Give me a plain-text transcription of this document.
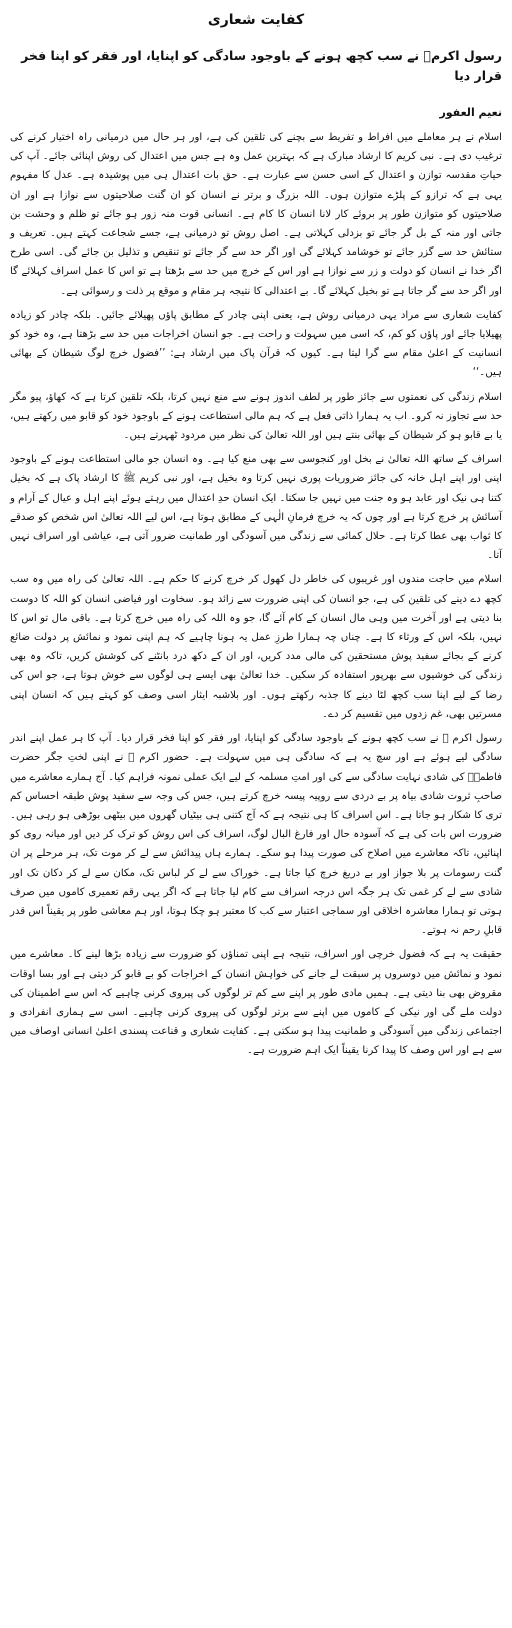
کفایت شعاری
رسول اکرمؐ نے سب کچھ ہونے کے باوجود سادگی کو اپنایا، اور فقر کو اپنا فخر قرار دیا
نعیم العفور

اسلام نے ہر معاملے میں افراط و تفریط سے بچنے کی تلقین کی ہے، اور ہر حال میں درمیانی راہ اختیار کرنے کی ترغیب دی ہے۔ نبی کریم کا ارشاد مبارک ہے کہ بہترین عمل وہ ہے جس میں اعتدال کی روش اپنائی جائے۔ آپ کی حیاتِ مقدسہ توازن و اعتدال کے اسی حسن سے عبارت ہے۔ حق بات اعتدال ہی میں پوشیدہ ہے۔ عدل کا مفہوم یہی ہے کہ ترازو کے پلڑے متوازن ہوں۔ اللہ بزرگ و برتر نے انسان کو ان گنت صلاحیتوں سے نوازا ہے اور ان صلاحیتوں کو متوازن طور پر بروئے کار لانا انسان کا کام ہے۔ انسانی قوت منہ زور ہو جائے تو ظلم و وحشت بن جاتی اور منہ کے بل گر جائے تو بزدلی کہلاتی ہے۔ اصل روش تو درمیانی ہے، جسے شجاعت کہتے ہیں۔ تعریف و ستائش حد سے گزر جائے تو خوشامد کہلائے گی اور اگر حد سے گر جائے تو تنقیص و تذلیل بن جائے گی۔ اسی طرح اگر خدا نے انسان کو دولت و زر سے نوازا ہے اور اس کے خرچ میں حد سے بڑھتا ہے تو اس کا عمل اسراف کہلائے گا اور اگر حد سے گر جاتا ہے تو بخیل کہلائے گا۔ بے اعتدالی کا نتیجہ ہر مقام و موقع پر ذلت و رسوائی ہے۔

کفایت شعاری سے مراد یہی درمیانی روش ہے، یعنی اپنی چادر کے مطابق پاؤں پھیلائے جائیں۔ بلکہ چادر کو زیادہ پھیلایا جائے اور پاؤں کو کم، کہ اسی میں سہولت و راحت ہے۔ جو انسان اخراجات میں حد سے بڑھتا ہے، وہ خود کو انسانیت کے اعلیٰ مقام سے گرا لیتا ہے۔ کیوں کہ قرآن پاک میں ارشاد ہے: ’’فضول خرچ لوگ شیطان کے بھائی ہیں۔‘‘

اسلام زندگی کی نعمتوں سے جائز طور پر لطف اندوز ہونے سے منع نہیں کرتا، بلکہ تلقین کرتا ہے کہ کھاؤ، پیو مگر حد سے تجاوز نہ کرو۔ اب یہ ہمارا ذاتی فعل ہے کہ ہم مالی استطاعت ہونے کے باوجود خود کو قابو میں رکھتے ہیں، یا بے قابو ہو کر شیطان کے بھائی بنتے ہیں اور اللہ تعالیٰ کی نظر میں مردود ٹھہرتے ہیں۔

اسراف کے ساتھ اللہ تعالیٰ نے بخل اور کنجوسی سے بھی منع کیا ہے۔ وہ انسان جو مالی استطاعت ہونے کے باوجود اپنی اور اپنے اہل خانہ کی جائز ضروریات پوری نہیں کرتا وہ بخیل ہے، اور نبی کریم ﷺ کا ارشاد پاک ہے کہ بخیل کتنا ہی نیک اور عابد ہو وہ جنت میں نہیں جا سکتا۔ ایک انسان حدِ اعتدال میں رہتے ہوئے اپنے اہل و عیال کے آرام و آسائش پر خرچ کرتا ہے اور چوں کہ یہ خرچ فرمانِ الٰہی کے مطابق ہوتا ہے، اس لیے اللہ تعالیٰ اس شخص کو صدقے کا ثواب بھی عطا کرتا ہے۔ حلال کمائی سے زندگی میں آسودگی اور طمانیت ضرور آتی ہے، عیاشی اور اسراف نہیں آتا۔

اسلام میں حاجت مندوں اور غریبوں کی خاطر دل کھول کر خرچ کرنے کا حکم ہے۔ اللہ تعالیٰ کی راہ میں وہ سب کچھ دے دینے کی تلقین کی ہے، جو انسان کی اپنی ضرورت سے زائد ہو۔ سخاوت اور فیاضی انسان کو اللہ کا دوست بنا دیتی ہے اور آخرت میں وہی مال انسان کے کام آئے گا، جو وہ اللہ کی راہ میں خرچ کرتا ہے۔ باقی مال تو اس کا نہیں، بلکہ اس کے ورثاء کا ہے۔ چناں چہ ہمارا طرزِ عمل یہ ہونا چاہیے کہ ہم اپنی نمود و نمائش پر دولت ضائع کرنے کے بجائے سفید پوش مستحقین کی مالی مدد کریں، اور ان کے دکھ درد بانٹنے کی کوشش کریں، تاکہ وہ بھی زندگی کی خوشیوں سے بھرپور استفادہ کر سکیں۔ خدا تعالیٰ بھی ایسے ہی لوگوں سے خوش ہوتا ہے، جو اس کی رضا کے لیے اپنا سب کچھ لٹا دینے کا جذبہ رکھتے ہوں۔ اور بلاشبہ ایثار اسی وصف کو کہتے ہیں کہ انسان اپنی مسرتیں بھی، غم زدوں میں تقسیم کر دے۔

رسول اکرم ﷺ نے سب کچھ ہونے کے باوجود سادگی کو اپنایا، اور فقر کو اپنا فخر قرار دیا۔ آپ کا ہر عمل اپنے اندر سادگی لیے ہوئے ہے اور سچ یہ ہے کہ سادگی ہی میں سہولت ہے۔ حضور اکرم ﷺ نے اپنی لختِ جگر حضرت فاطمہؓ کی شادی نہایت سادگی سے کی اور امتِ مسلمہ کے لیے ایک عملی نمونہ فراہم کیا۔ آج ہمارے معاشرے میں صاحبِ ثروت شادی بیاہ پر بے دردی سے روپیہ پیسہ خرچ کرتے ہیں، جس کی وجہ سے سفید پوش طبقہ احساس کم تری کا شکار ہو جاتا ہے۔ اس اسراف کا ہی نتیجہ ہے کہ آج کتنی ہی بیٹیاں گھروں میں بیٹھی بوڑھی ہو رہی ہیں۔ ضرورت اس بات کی ہے کہ آسودہ حال اور فارغ البال لوگ، اسراف کی اس روش کو ترک کر دیں اور میانہ روی کو اپنائیں، تاکہ معاشرے میں اصلاح کی صورت پیدا ہو سکے۔ ہمارے ہاں پیدائش سے لے کر موت تک، ہر مرحلے پر ان گنت رسومات پر بلا جواز اور بے دریغ خرچ کیا جاتا ہے۔ خوراک سے لے کر لباس تک، مکان سے لے کر دکان تک اور شادی سے لے کر غمی تک ہر جگہ اس درجہ اسراف سے کام لیا جاتا ہے کہ اگر یہی رقم تعمیری کاموں میں صرف ہوتی تو ہمارا معاشرہ اخلاقی اور سماجی اعتبار سے کب کا معتبر ہو چکا ہوتا، اور ہم معاشی طور پر یقیناً اس قدر قابلِ رحم نہ ہوتے۔

حقیقت یہ ہے کہ فضول خرچی اور اسراف، نتیجہ ہے اپنی تمناؤں کو ضرورت سے زیادہ بڑھا لینے کا۔ معاشرے میں نمود و نمائش میں دوسروں پر سبقت لے جانے کی خواہش انسان کے اخراجات کو بے قابو کر دیتی ہے اور بسا اوقات مقروض بھی بنا دیتی ہے۔ ہمیں مادی طور پر اپنے سے کم تر لوگوں کی پیروی کرنی چاہیے کہ اس سے اطمینان کی دولت ملے گی اور نیکی کے کاموں میں اپنے سے برتر لوگوں کی پیروی کرنی چاہیے۔ اسی سے ہماری انفرادی و اجتماعی زندگی میں آسودگی و طمانیت پیدا ہو سکتی ہے۔ کفایت شعاری و قناعت پسندی اعلیٰ انسانی اوصاف میں سے ہے اور اس وصف کا پیدا کرنا یقیناً ایک اہم ضرورت ہے۔
